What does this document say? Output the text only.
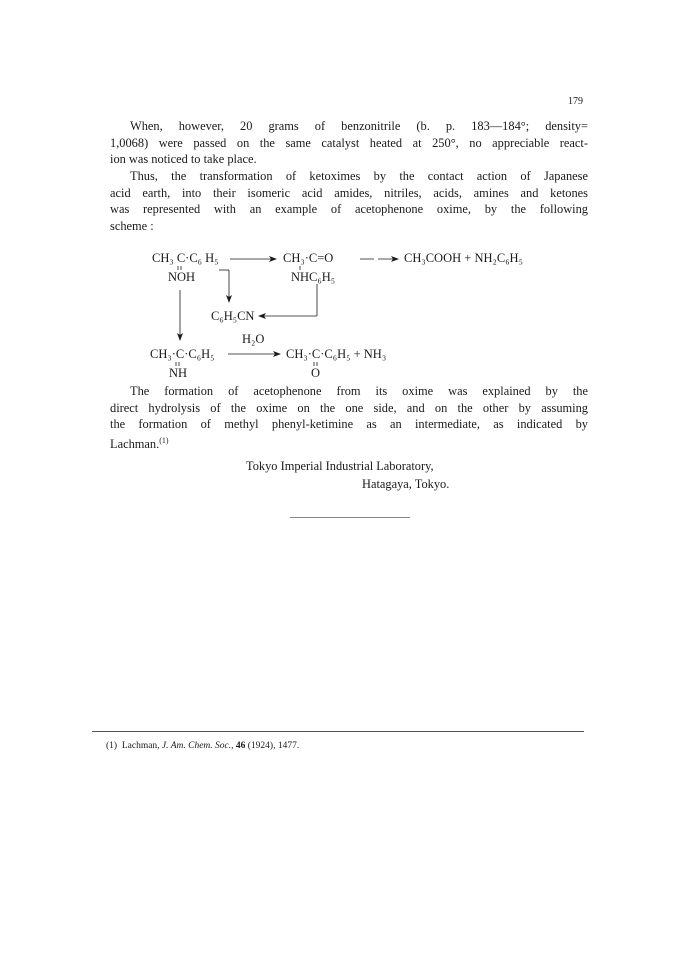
179

When, however, 20 grams of benzonitrile (b. p. 183—184°; density=
1,0068) were passed on the same catalyst heated at 250°, no appreciable react-
ion was noticed to take place.

Thus, the transformation of ketoximes by the contact action of Japanese
acid earth, into their isomeric acid amides, nitriles, acids, amines and ketones
was represented with an example of acetophenone oxime, by the following
scheme :

CH₃ C·C₆ H₅
NOH
CH₃·C=O
NHC₆H₅
CH₃COOH + NH₂C₆H₅
C₆H₅CN
H₂O
CH₃·C·C₆H₅
NH
CH₃·C·C₆H₅ + NH₃
O

The formation of acetophenone from its oxime was explained by the
direct hydrolysis of the oxime on the one side, and on the other by assuming
the formation of methyl phenyl-ketimine as an intermediate, as indicated by
Lachman.$^{(1)}$

Tokyo Imperial Industrial Laboratory,
Hatagaya, Tokyo.
(1) Lachman, J. Am. Chem. Soc., 46 (1924), 1477.
